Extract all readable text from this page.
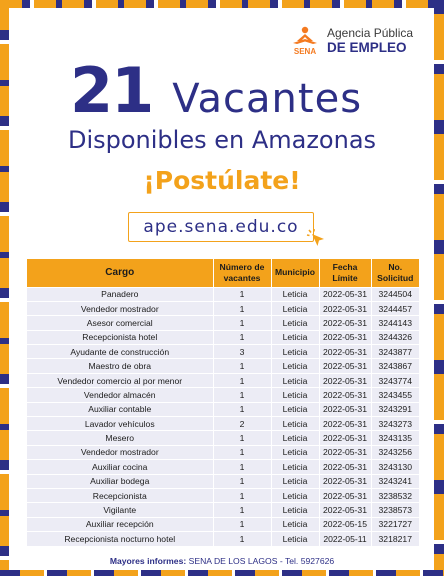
SENA
Agencia Pública
DE EMPLEO
21 Vacantes
Disponibles en Amazonas
¡Postúlate!
ape.sena.edu.co
Cargo	Número de vacantes	Municipio	Fecha Límite	No. Solicitud
Panadero	1	Leticia	2022-05-31	3244504
Vendedor mostrador	1	Leticia	2022-05-31	3244457
Asesor comercial	1	Leticia	2022-05-31	3244143
Recepcionista hotel	1	Leticia	2022-05-31	3244326
Ayudante de construcción	3	Leticia	2022-05-31	3243877
Maestro de obra	1	Leticia	2022-05-31	3243867
Vendedor comercio al por menor	1	Leticia	2022-05-31	3243774
Vendedor almacén	1	Leticia	2022-05-31	3243455
Auxiliar contable	1	Leticia	2022-05-31	3243291
Lavador vehículos	2	Leticia	2022-05-31	3243273
Mesero	1	Leticia	2022-05-31	3243135
Vendedor mostrador	1	Leticia	2022-05-31	3243256
Auxiliar cocina	1	Leticia	2022-05-31	3243130
Auxiliar bodega	1	Leticia	2022-05-31	3243241
Recepcionista	1	Leticia	2022-05-31	3238532
Vigilante	1	Leticia	2022-05-31	3238573
Auxiliar recepción	1	Leticia	2022-05-15	3221727
Recepcionista nocturno hotel	1	Leticia	2022-05-11	3218217
Mayores informes: SENA DE LOS LAGOS - Tel. 5927626
